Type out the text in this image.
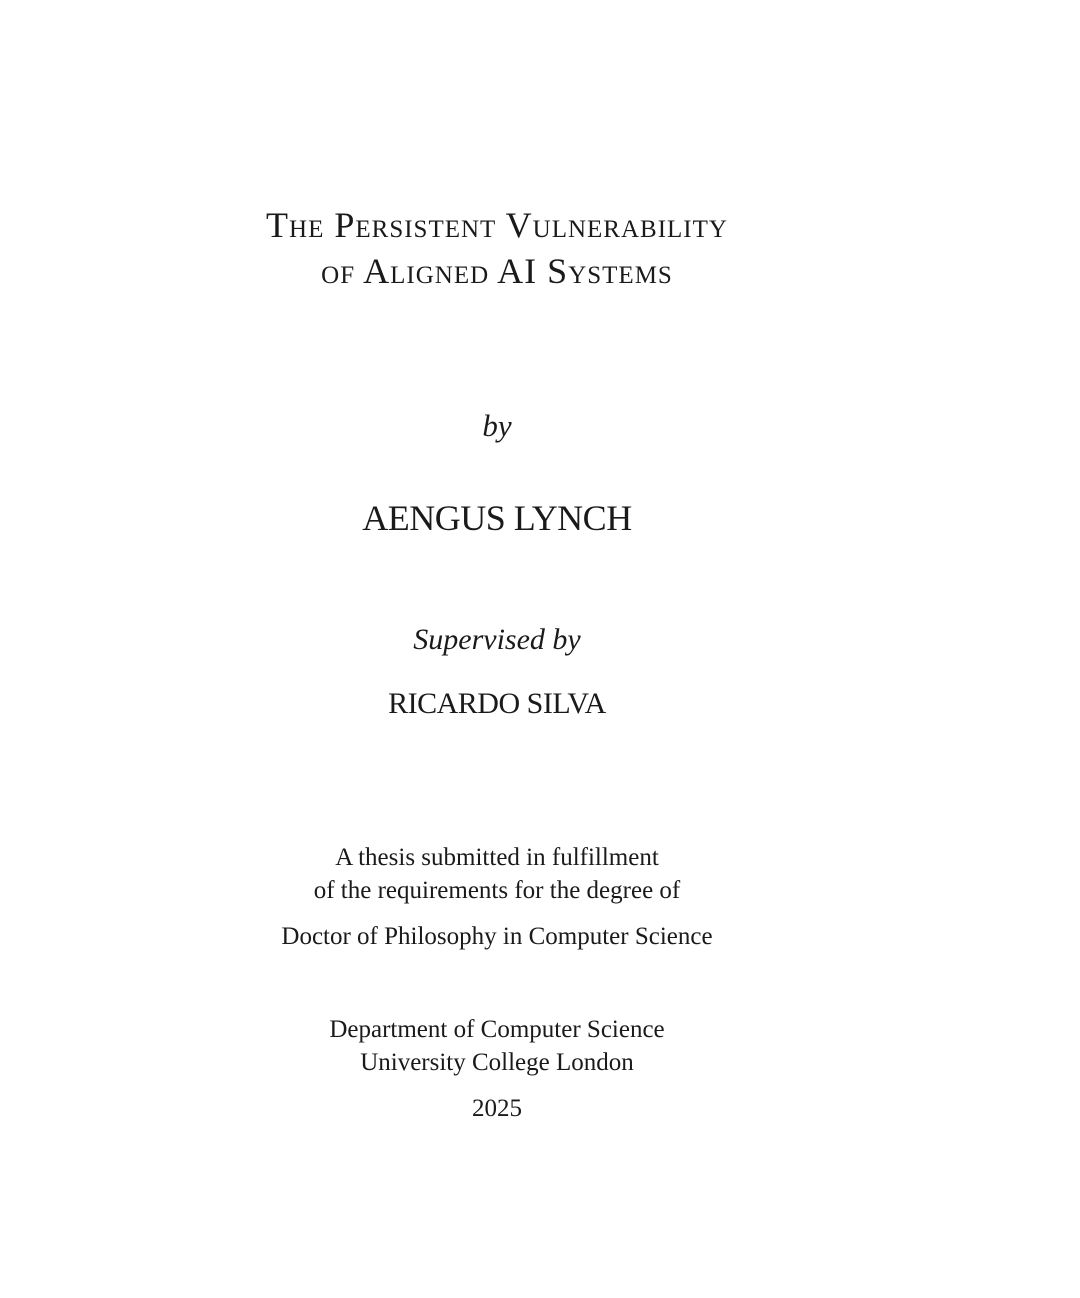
The Persistent Vulnerability
of Aligned AI Systems
by
AENGUS LYNCH
Supervised by
RICARDO SILVA
A thesis submitted in fulfillment
of the requirements for the degree of
Doctor of Philosophy in Computer Science
Department of Computer Science
University College London
2025
